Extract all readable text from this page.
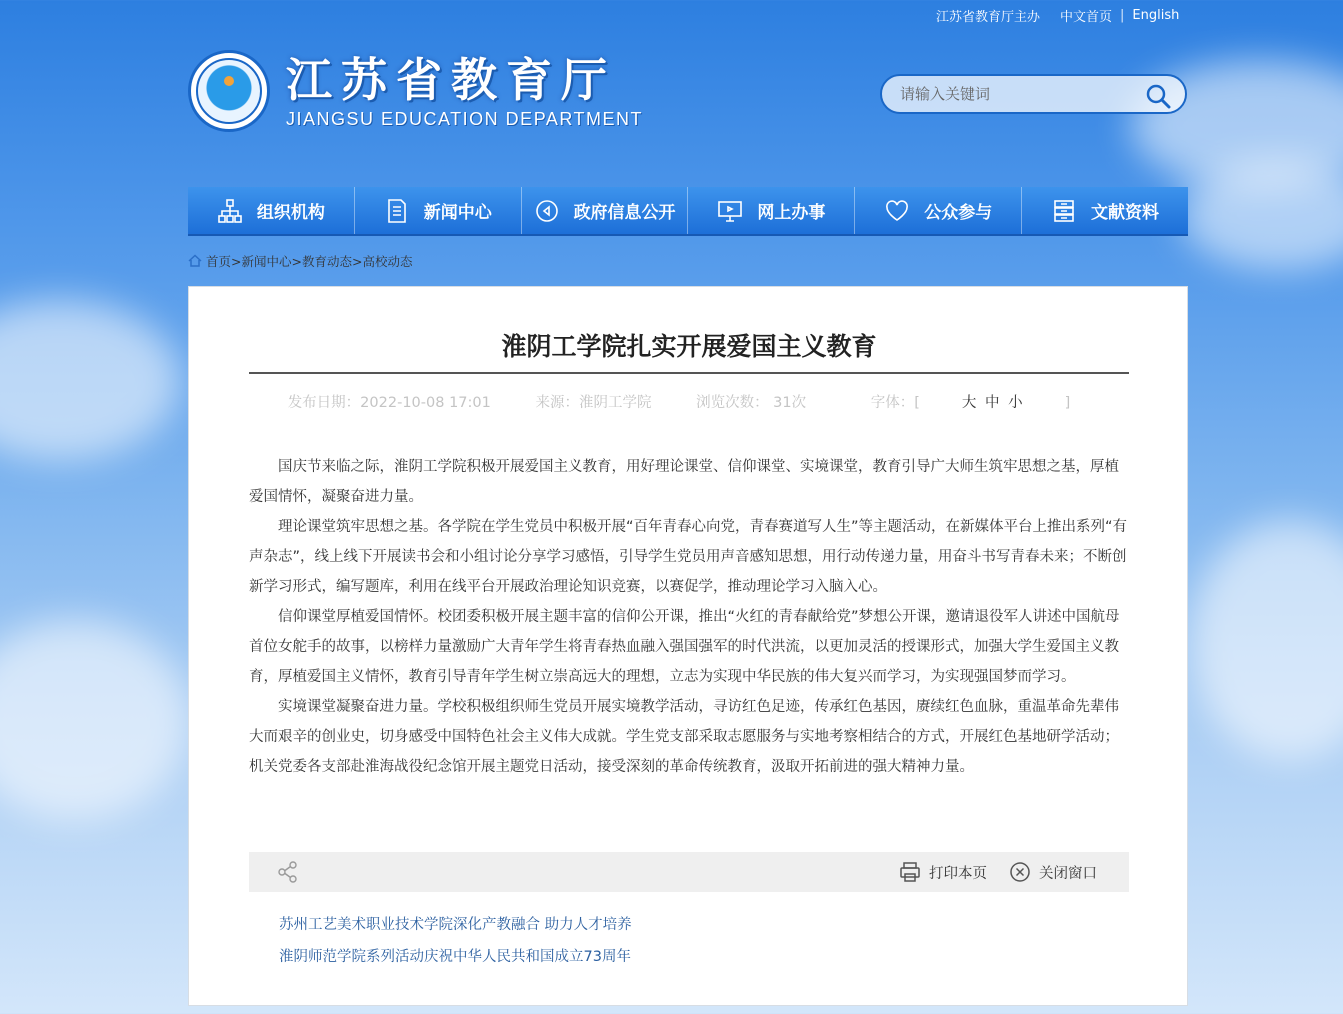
江苏省教育厅主办 中文首页 | English
江苏省教育厅
JIANGSU EDUCATION DEPARTMENT
请输入关键词
组织机构	新闻中心	政府信息公开	网上办事	公众参与	文献资料
首页 > 新闻中心 > 教育动态 > 高校动态
淮阴工学院扎实开展爱国主义教育
发布日期：2022-10-08 17:01	来源：淮阴工学院	浏览次数： 31次	字体：[	大 中 小	]

国庆节来临之际，淮阴工学院积极开展爱国主义教育，用好理论课堂、信仰课堂、实境课堂，教育引导广大师生筑牢思想之基，厚植爱国情怀，凝聚奋进力量。

理论课堂筑牢思想之基。各学院在学生党员中积极开展“百年青春心向党，青春赛道写人生”等主题活动，在新媒体平台上推出系列“有声杂志”，线上线下开展读书会和小组讨论分享学习感悟，引导学生党员用声音感知思想，用行动传递力量，用奋斗书写青春未来；不断创新学习形式，编写题库，利用在线平台开展政治理论知识竞赛，以赛促学，推动理论学习入脑入心。

信仰课堂厚植爱国情怀。校团委积极开展主题丰富的信仰公开课，推出“火红的青春献给党”梦想公开课，邀请退役军人讲述中国航母首位女舵手的故事，以榜样力量激励广大青年学生将青春热血融入强国强军的时代洪流，以更加灵活的授课形式，加强大学生爱国主义教育，厚植爱国主义情怀，教育引导青年学生树立崇高远大的理想，立志为实现中华民族的伟大复兴而学习，为实现强国梦而学习。

实境课堂凝聚奋进力量。学校积极组织师生党员开展实境教学活动，寻访红色足迹，传承红色基因，赓续红色血脉，重温革命先辈伟大而艰辛的创业史，切身感受中国特色社会主义伟大成就。学生党支部采取志愿服务与实地考察相结合的方式，开展红色基地研学活动；机关党委各支部赴淮海战役纪念馆开展主题党日活动，接受深刻的革命传统教育，汲取开拓前进的强大精神力量。

打印本页	关闭窗口
苏州工艺美术职业技术学院深化产教融合 助力人才培养
淮阴师范学院系列活动庆祝中华人民共和国成立73周年
